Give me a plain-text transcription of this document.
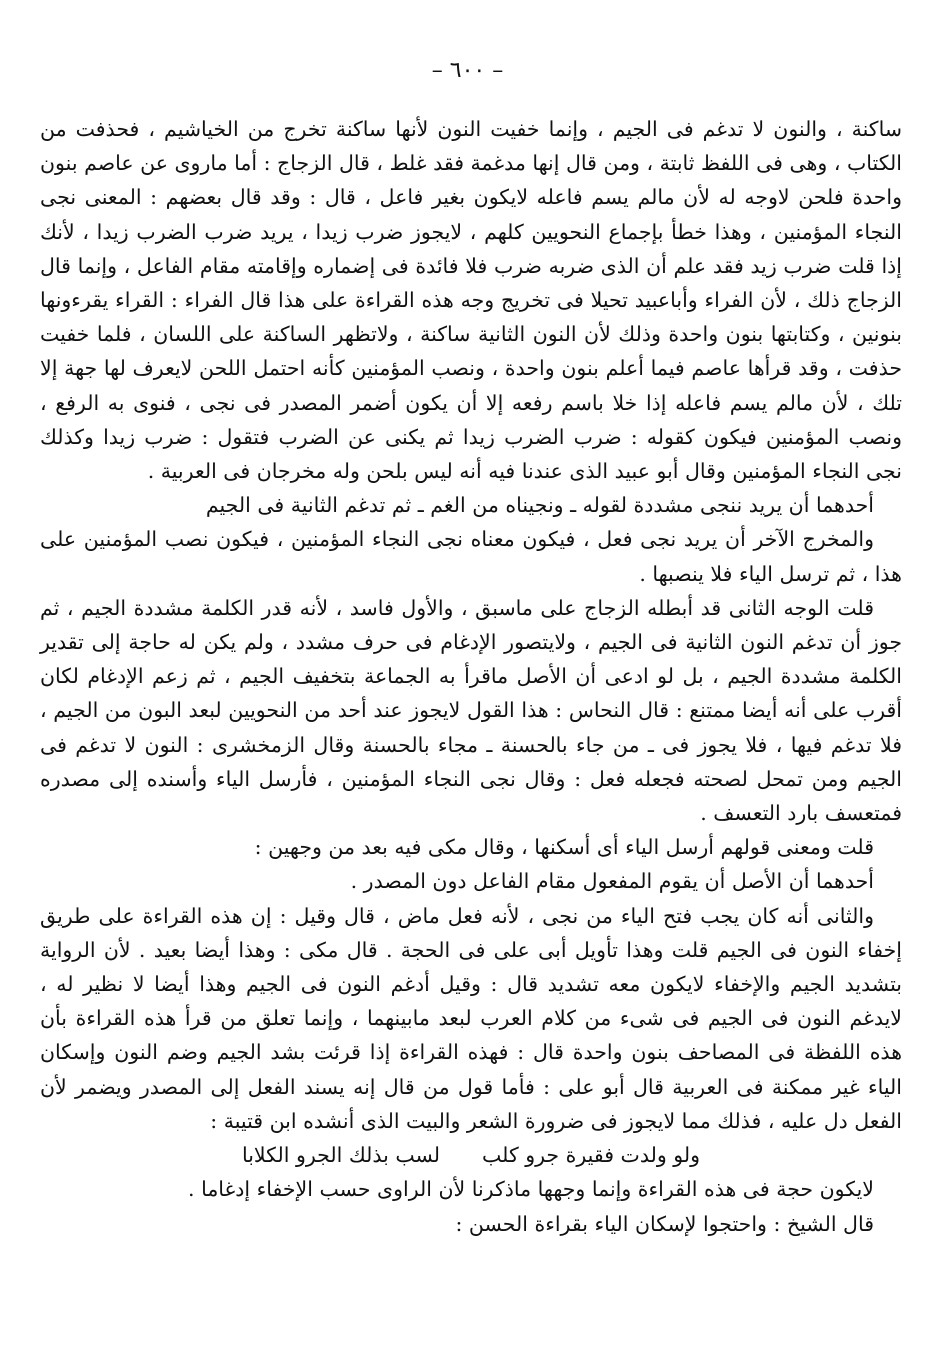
– ٦٠٠ –

ساكنة ، والنون لا تدغم فى الجيم ، وإنما خفيت النون لأنها ساكنة تخرج من الخياشيم ، فحذفت من الكتاب ، وهى فى اللفظ ثابتة ، ومن قال إنها مدغمة فقد غلط ، قال الزجاج : أما ماروى عن عاصم بنون واحدة فلحن لاوجه له لأن مالم يسم فاعله لايكون بغير فاعل ، قال : وقد قال بعضهم : المعنى نجى النجاء المؤمنين ، وهذا خطأ بإجماع النحويين كلهم ، لايجوز ضرب زيدا ، يريد ضرب الضرب زيدا ، لأنك إذا قلت ضرب زيد فقد علم أن الذى ضربه ضرب فلا فائدة فى إضماره وإقامته مقام الفاعل ، وإنما قال الزجاج ذلك ، لأن الفراء وأباعبيد تحيلا فى تخريج وجه هذه القراءة على هذا قال الفراء : القراء يقرءونها بنونين ، وكتابتها بنون واحدة وذلك لأن النون الثانية ساكنة ، ولاتظهر الساكنة على اللسان ، فلما خفيت حذفت ، وقد قرأها عاصم فيما أعلم بنون واحدة ، ونصب المؤمنين كأنه احتمل اللحن لايعرف لها جهة إلا تلك ، لأن مالم يسم فاعله إذا خلا باسم رفعه إلا أن يكون أضمر المصدر فى نجى ، فنوى به الرفع ، ونصب المؤمنين فيكون كقوله : ضرب الضرب زيدا ثم يكنى عن الضرب فتقول : ضرب زيدا وكذلك نجى النجاء المؤمنين وقال أبو عبيد الذى عندنا فيه أنه ليس بلحن وله مخرجان فى العربية .

أحدهما أن يريد ننجى مشددة لقوله ـ ونجيناه من الغم ـ ثم تدغم الثانية فى الجيم

والمخرج الآخر أن يريد نجى فعل ، فيكون معناه نجى النجاء المؤمنين ، فيكون نصب المؤمنين على هذا ، ثم ترسل الياء فلا ينصبها .

قلت الوجه الثانى قد أبطله الزجاج على ماسبق ، والأول فاسد ، لأنه قدر الكلمة مشددة الجيم ، ثم جوز أن تدغم النون الثانية فى الجيم ، ولايتصور الإدغام فى حرف مشدد ، ولم يكن له حاجة إلى تقدير الكلمة مشددة الجيم ، بل لو ادعى أن الأصل ماقرأ به الجماعة بتخفيف الجيم ، ثم زعم الإدغام لكان أقرب على أنه أيضا ممتنع : قال النحاس : هذا القول لايجوز عند أحد من النحويين لبعد البون من الجيم ، فلا تدغم فيها ، فلا يجوز فى ـ من جاء بالحسنة ـ مجاء بالحسنة وقال الزمخشرى : النون لا تدغم فى الجيم ومن تمحل لصحته فجعله فعل : وقال نجى النجاء المؤمنين ، فأرسل الياء وأسنده إلى مصدره فمتعسف بارد التعسف .

قلت ومعنى قولهم أرسل الياء أى أسكنها ، وقال مكى فيه بعد من وجهين :

أحدهما أن الأصل أن يقوم المفعول مقام الفاعل دون المصدر .

والثانى أنه كان يجب فتح الياء من نجى ، لأنه فعل ماض ، قال وقيل : إن هذه القراءة على طريق إخفاء النون فى الجيم قلت وهذا تأويل أبى على فى الحجة . قال مكى : وهذا أيضا بعيد . لأن الرواية بتشديد الجيم والإخفاء لايكون معه تشديد قال : وقيل أدغم النون فى الجيم وهذا أيضا لا نظير له ، لايدغم النون فى الجيم فى شىء من كلام العرب لبعد مابينهما ، وإنما تعلق من قرأ هذه القراءة بأن هذه اللفظة فى المصاحف بنون واحدة قال : فهذه القراءة إذا قرئت بشد الجيم وضم النون وإسكان الياء غير ممكنة فى العربية قال أبو على : فأما قول من قال إنه يسند الفعل إلى المصدر ويضمر لأن الفعل دل عليه ، فذلك مما لايجوز فى ضرورة الشعر والبيت الذى أنشده ابن قتيبة :

ولو ولدت فقيرة جرو كلب
لسب بذلك الجرو الكلابا

لايكون حجة فى هذه القراءة وإنما وجهها ماذكرنا لأن الراوى حسب الإخفاء إدغاما .

قال الشيخ : واحتجوا لإسكان الياء بقراءة الحسن :
